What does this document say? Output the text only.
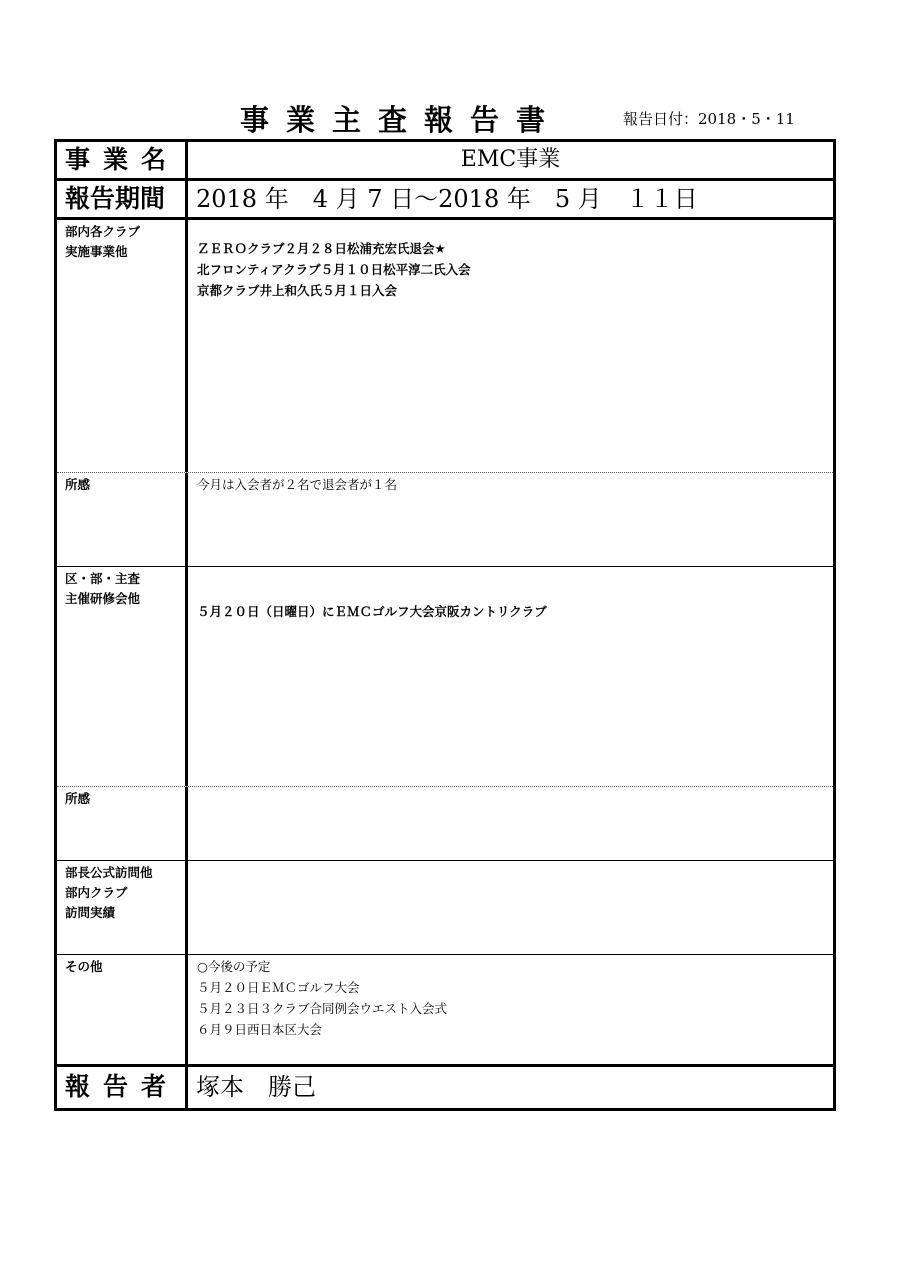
事業主査報告書	報告日付：2018・5・11
事業名	EMC事業
報告期間	2018 年　4 月 7 日～2018 年　5 月　１１日
部内各クラブ
実施事業他	ＺＥＲＯクラブ２月２８日松浦充宏氏退会★
北フロンティアクラブ５月１０日松平淳二氏入会
京都クラブ井上和久氏５月１日入会
所感	今月は入会者が２名で退会者が１名
区・部・主査
主催研修会他
５月２０日（日曜日）にＥＭＣゴルフ大会京阪カントリクラブ
所感
部長公式訪問他
部内クラブ
訪問実績
その他	○今後の予定
５月２０日ＥＭＣゴルフ大会
５月２３日３クラブ合同例会ウエスト入会式
６月９日西日本区大会
報告者 塚本　勝己
